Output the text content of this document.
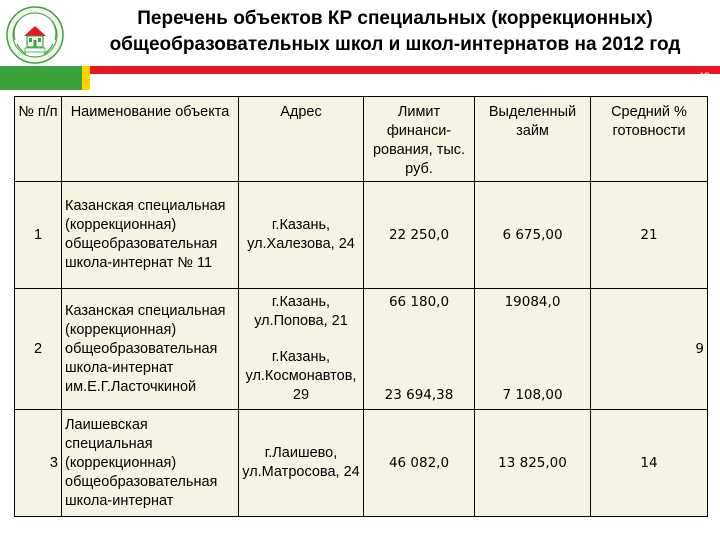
Перечень объектов КР специальных (коррекционных)
общеобразовательных школ и школ-интернатов на 2012 год
48
№ п/п	Наименование объекта	Адрес	Лимит финанси-рования, тыс. руб.	Выделенный займ	Средний % готовности
1	Казанская специальная (коррекционная) общеобразовательная школа-интернат № 11	г.Казань, ул.Халезова, 24	22 250,0	6 675,00	21
2	Казанская специальная (коррекционная) общеобразовательная школа-интернат им.Е.Г.Ласточкиной	г.Казань, ул.Попова, 21	66 180,0	19084,0	9
		г.Казань, ул.Космонавтов, 29	23 694,38	7 108,00	
3	Лаишевская специальная (коррекционная) общеобразовательная школа-интернат	г.Лаишево, ул.Матросова, 24	46 082,0	13 825,00	14
